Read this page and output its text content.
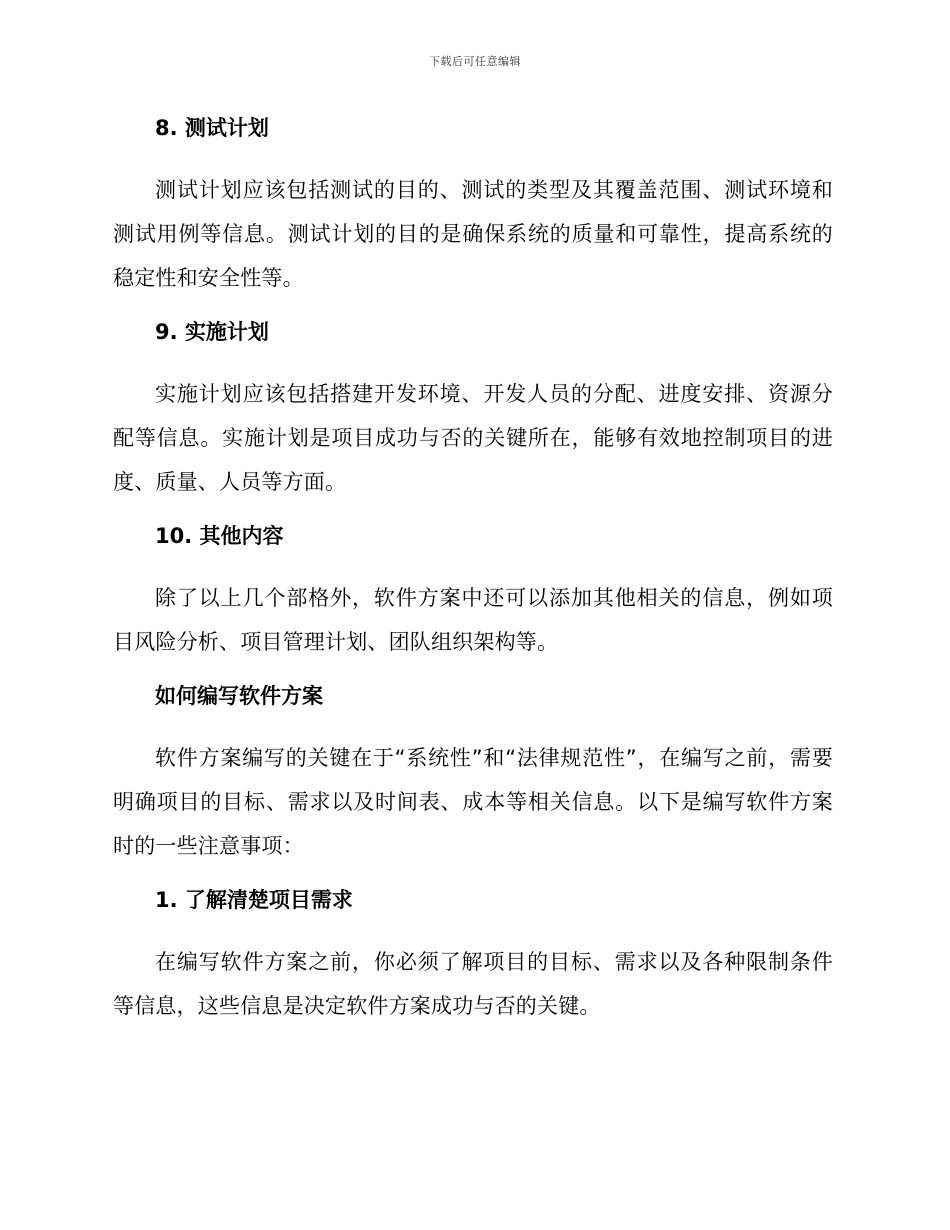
下载后可任意编辑
8. 测试计划
测试计划应该包括测试的目的、测试的类型及其覆盖范围、测试环境和测试用例等信息。测试计划的目的是确保系统的质量和可靠性，提高系统的稳定性和安全性等。
9. 实施计划
实施计划应该包括搭建开发环境、开发人员的分配、进度安排、资源分配等信息。实施计划是项目成功与否的关键所在，能够有效地控制项目的进度、质量、人员等方面。
10. 其他内容
除了以上几个部格外，软件方案中还可以添加其他相关的信息，例如项目风险分析、项目管理计划、团队组织架构等。
如何编写软件方案
软件方案编写的关键在于“系统性”和“法律规范性”，在编写之前，需要明确项目的目标、需求以及时间表、成本等相关信息。以下是编写软件方案时的一些注意事项：
1. 了解清楚项目需求
在编写软件方案之前，你必须了解项目的目标、需求以及各种限制条件等信息，这些信息是决定软件方案成功与否的关键。
